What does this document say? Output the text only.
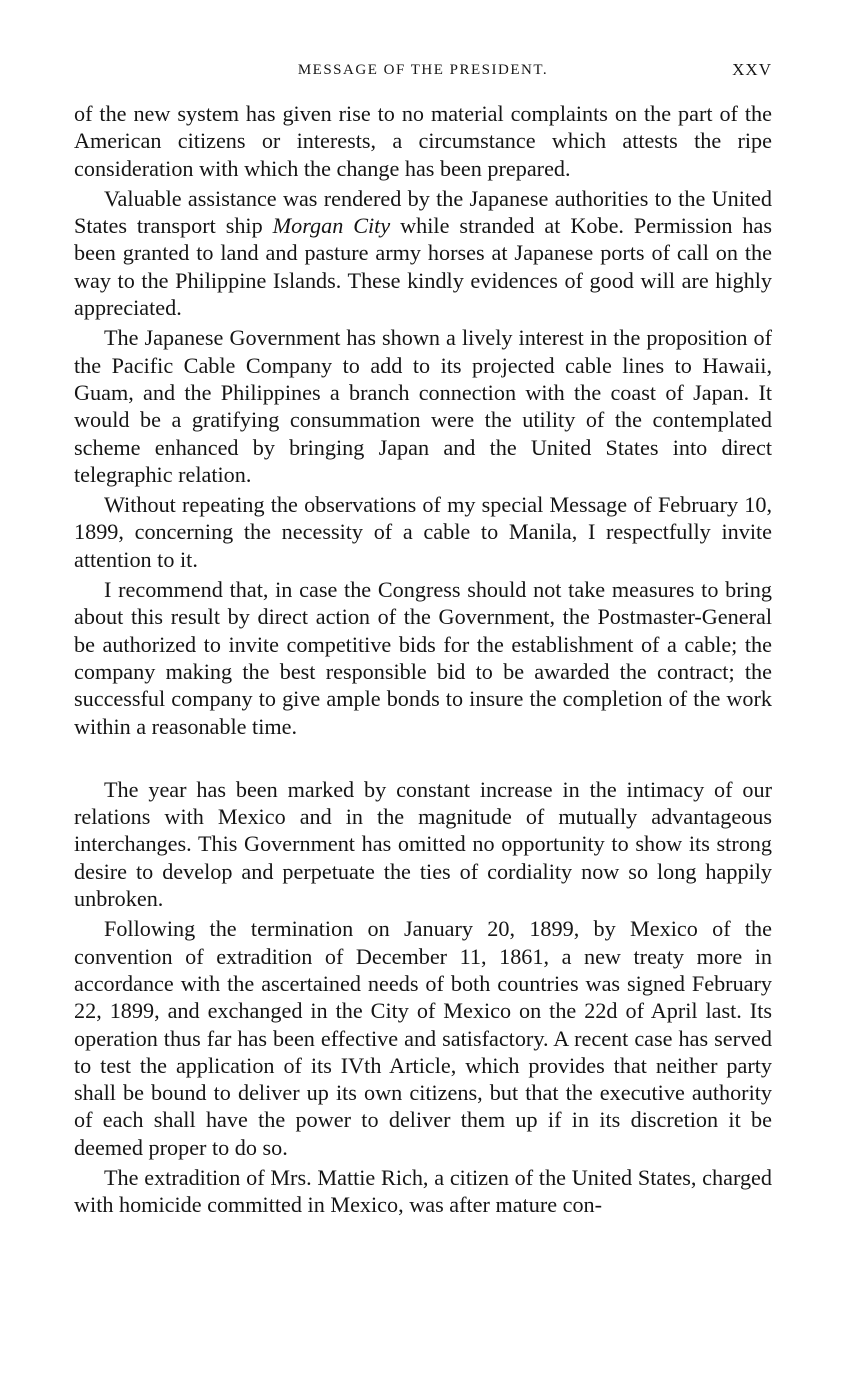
MESSAGE OF THE PRESIDENT.	XXV

of the new system has given rise to no material complaints on the part of the American citizens or interests, a circumstance which attests the ripe consideration with which the change has been prepared.

Valuable assistance was rendered by the Japanese authorities to the United States transport ship Morgan City while stranded at Kobe. Permission has been granted to land and pasture army horses at Japanese ports of call on the way to the Philippine Islands. These kindly evidences of good will are highly appreciated.

The Japanese Government has shown a lively interest in the proposition of the Pacific Cable Company to add to its projected cable lines to Hawaii, Guam, and the Philippines a branch connection with the coast of Japan. It would be a gratifying consummation were the utility of the contemplated scheme enhanced by bringing Japan and the United States into direct telegraphic relation.

Without repeating the observations of my special Message of February 10, 1899, concerning the necessity of a cable to Manila, I respectfully invite attention to it.

I recommend that, in case the Congress should not take measures to bring about this result by direct action of the Government, the Postmaster-General be authorized to invite competitive bids for the establishment of a cable; the company making the best responsible bid to be awarded the contract; the successful company to give ample bonds to insure the completion of the work within a reasonable time.

The year has been marked by constant increase in the intimacy of our relations with Mexico and in the magnitude of mutually advantageous interchanges. This Government has omitted no opportunity to show its strong desire to develop and perpetuate the ties of cordiality now so long happily unbroken.

Following the termination on January 20, 1899, by Mexico of the convention of extradition of December 11, 1861, a new treaty more in accordance with the ascertained needs of both countries was signed February 22, 1899, and exchanged in the City of Mexico on the 22d of April last. Its operation thus far has been effective and satisfactory. A recent case has served to test the application of its IVth Article, which provides that neither party shall be bound to deliver up its own citizens, but that the executive authority of each shall have the power to deliver them up if in its discretion it be deemed proper to do so.

The extradition of Mrs. Mattie Rich, a citizen of the United States, charged with homicide committed in Mexico, was after mature con-
